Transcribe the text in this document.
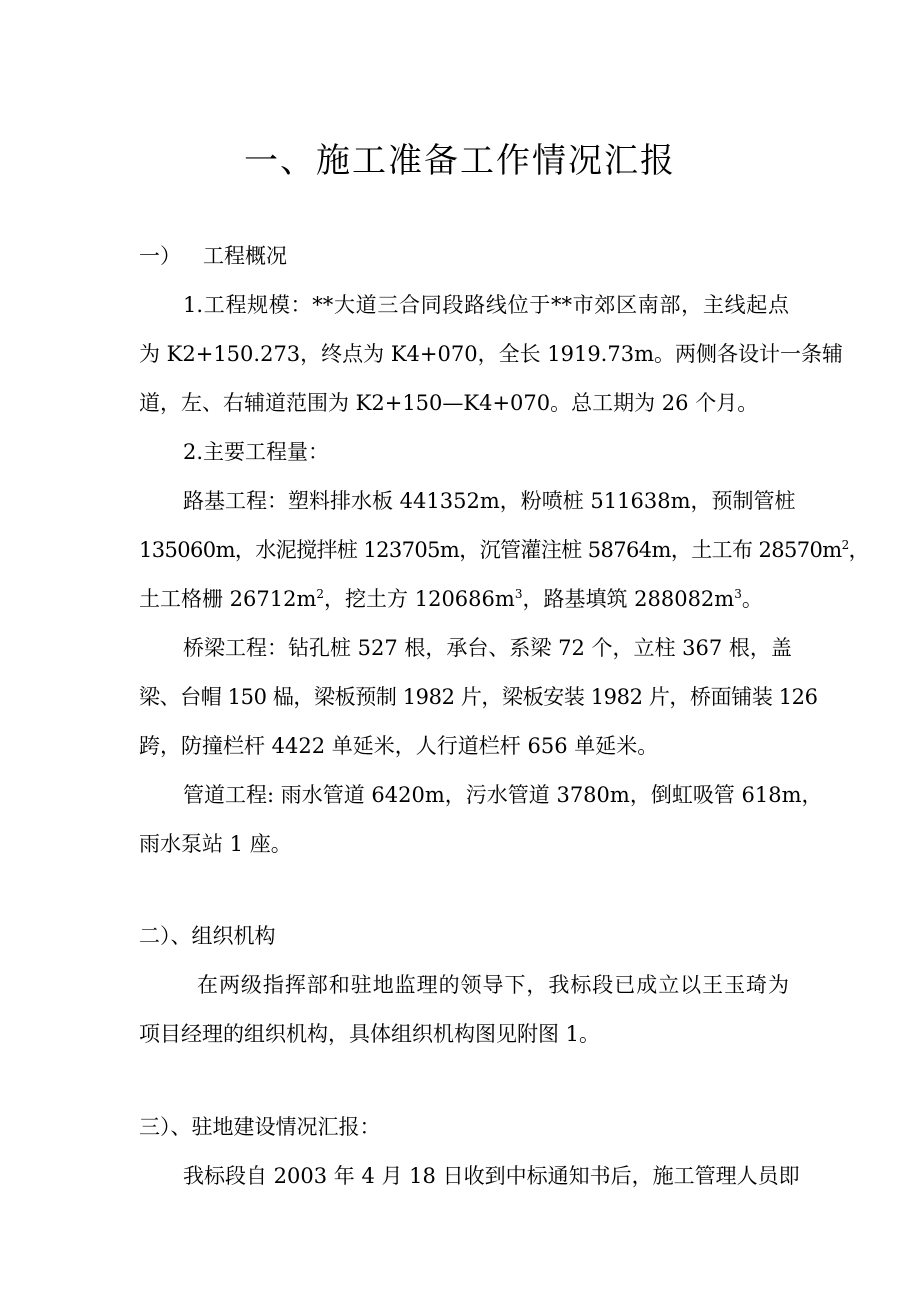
一、施工准备工作情况汇报
一） 工程概况
1.工程规模：**大道三合同段路线位于**市郊区南部，主线起点
为 K2+150.273，终点为 K4+070，全长 1919.73m。两侧各设计一条辅
道，左、右辅道范围为 K2+150—K4+070。总工期为 26 个月。
2.主要工程量：
路基工程：塑料排水板 441352m，粉喷桩 511638m，预制管桩
135060m，水泥搅拌桩 123705m，沉管灌注桩 58764m，土工布 $28570m^2$，
土工格栅 $26712m^2$，挖土方 $120686m^3$，路基填筑 $288082m^3$。
桥梁工程：钻孔桩 527 根，承台、系梁 72 个，立柱 367 根，盖
梁、台帽 150 榀，梁板预制 1982 片，梁板安装 1982 片，桥面铺装 126
跨，防撞栏杆 4422 单延米，人行道栏杆 656 单延米。
管道工程: 雨水管道 6420m，污水管道 3780m，倒虹吸管 618m，
雨水泵站 1 座。
二）、组织机构
在两级指挥部和驻地监理的领导下，我标段已成立以王玉琦为
项目经理的组织机构，具体组织机构图见附图 1。
三）、驻地建设情况汇报：
我标段自 2003 年 4 月 18 日收到中标通知书后，施工管理人员即
